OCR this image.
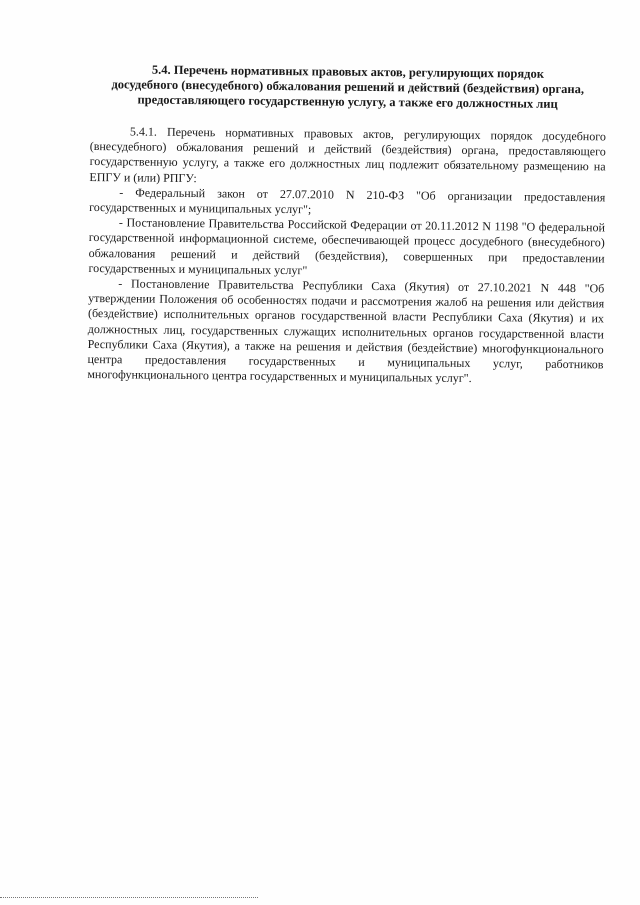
5.4. Перечень нормативных правовых актов, регулирующих порядок
досудебного (внесудебного) обжалования решений и действий (бездействия) органа,
предоставляющего государственную услугу, а также его должностных лиц

5.4.1. Перечень нормативных правовых актов, регулирующих порядок досудебного (внесудебного) обжалования решений и действий (бездействия) органа, предоставляющего государственную услугу, а также его должностных лиц подлежит обязательному размещению на ЕПГУ и (или) РПГУ:

- Федеральный закон от 27.07.2010 N 210-ФЗ "Об организации предоставления государственных и муниципальных услуг";

- Постановление Правительства Российской Федерации от 20.11.2012 N 1198 "О федеральной государственной информационной системе, обеспечивающей процесс досудебного (внесудебного) обжалования решений и действий (бездействия), совершенных при предоставлении государственных и муниципальных услуг"

- Постановление Правительства Республики Саха (Якутия) от 27.10.2021 N 448 "Об утверждении Положения об особенностях подачи и рассмотрения жалоб на решения или действия (бездействие) исполнительных органов государственной власти Республики Саха (Якутия) и их должностных лиц, государственных служащих исполнительных органов государственной власти Республики Саха (Якутия), а также на решения и действия (бездействие) многофункционального центра предоставления государственных и муниципальных услуг, работников многофункционального центра государственных и муниципальных услуг".
